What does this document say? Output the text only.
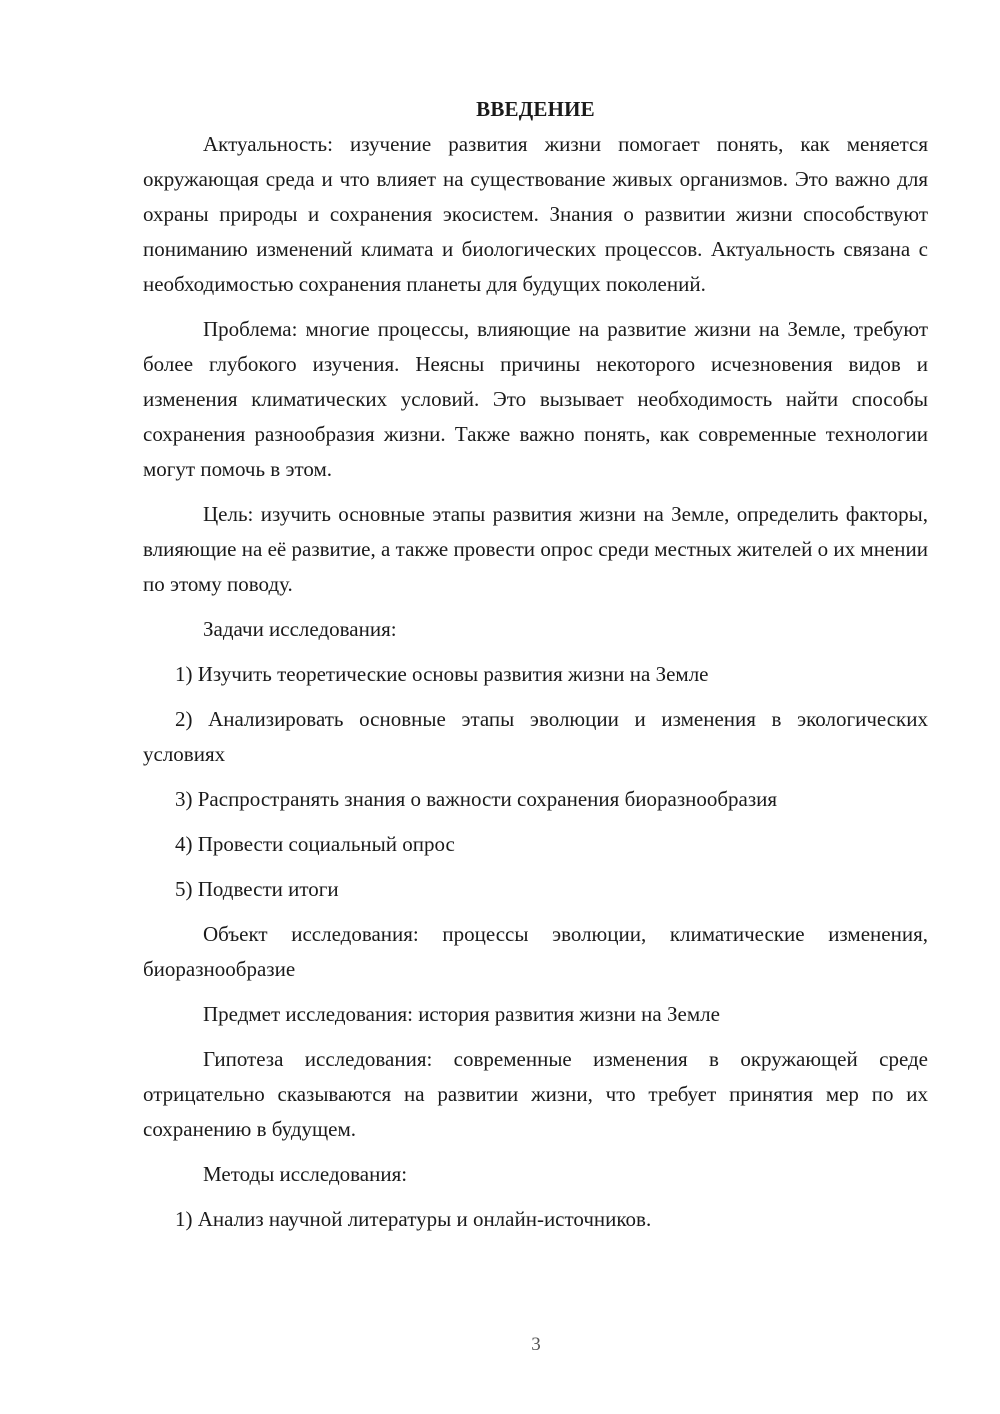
ВВЕДЕНИЕ

Актуальность: изучение развития жизни помогает понять, как меняется окружающая среда и что влияет на существование живых организмов. Это важно для охраны природы и сохранения экосистем. Знания о развитии жизни способствуют пониманию изменений климата и биологических процессов. Актуальность связана с необходимостью сохранения планеты для будущих поколений.

Проблема: многие процессы, влияющие на развитие жизни на Земле, требуют более глубокого изучения. Неясны причины некоторого исчезновения видов и изменения климатических условий. Это вызывает необходимость найти способы сохранения разнообразия жизни. Также важно понять, как современные технологии могут помочь в этом.

Цель: изучить основные этапы развития жизни на Земле, определить факторы, влияющие на её развитие, а также провести опрос среди местных жителей о их мнении по этому поводу.

Задачи исследования:

1) Изучить теоретические основы развития жизни на Земле

2) Анализировать основные этапы эволюции и изменения в экологических условиях

3) Распространять знания о важности сохранения биоразнообразия

4) Провести социальный опрос

5) Подвести итоги

Объект исследования: процессы эволюции, климатические изменения, биоразнообразие

Предмет исследования: история развития жизни на Земле

Гипотеза исследования: современные изменения в окружающей среде отрицательно сказываются на развитии жизни, что требует принятия мер по их сохранению в будущем.

Методы исследования:

1) Анализ научной литературы и онлайн-источников.

3
